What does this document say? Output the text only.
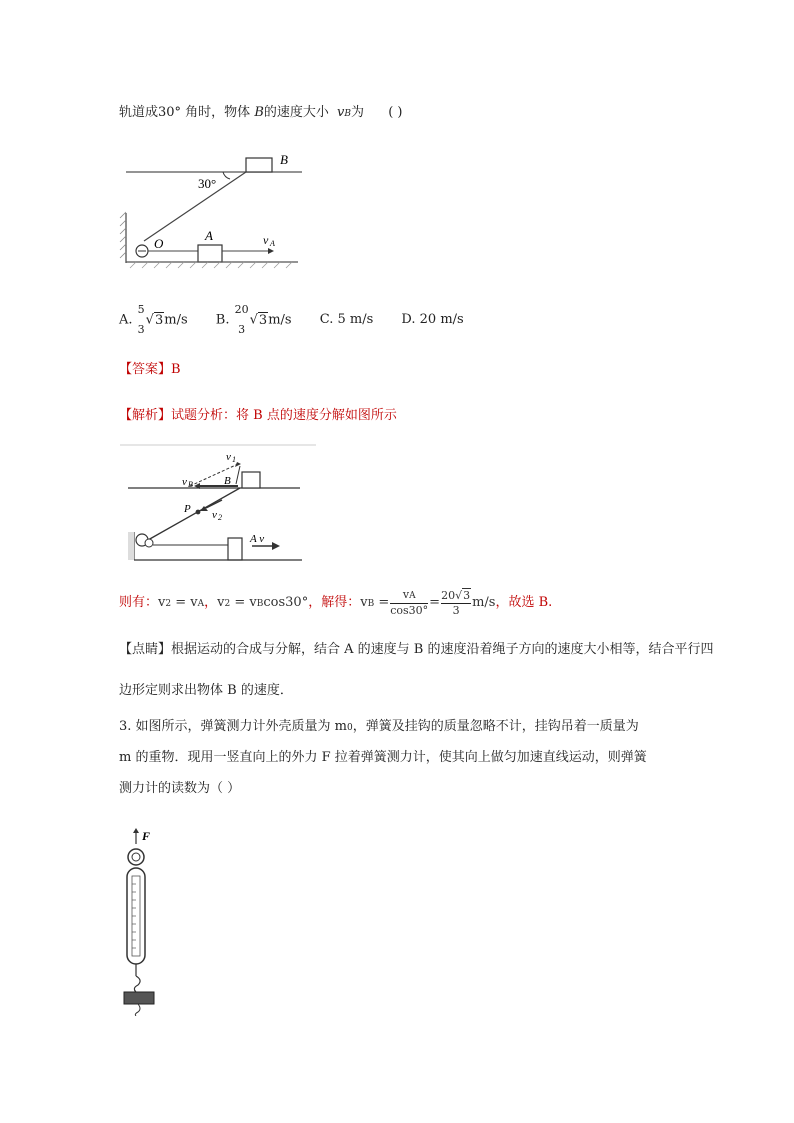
轨道成30° 角时，物体 B的速度大小 vB为 ( )
B
30°
O
A	v A
A.
5
3
√3m/s B.
20
3
√3m/s C. 5 m/s D. 20 m/s
【答案】B
【解析】试题分析：将 B 点的速度分解如图所示
v 1
v B	B
P v 2
A v
则有： v2 = vA ， v2 = vBcos30° ，解得： vB = $\frac{vA}{\cos 30^\circ} = \frac{20√3}{3} m/s$ ，故选 B.
【点睛】根据运动的合成与分解，结合 A 的速度与 B 的速度沿着绳子方向的速度大小相等，结合平行四
边形定则求出物体 B 的速度．
3. 如图所示，弹簧测力计外壳质量为 m0，弹簧及挂钩的质量忽略不计，挂钩吊着一质量为
m 的重物．现用一竖直向上的外力 F 拉着弹簧测力计，使其向上做匀加速直线运动，则弹簧
测力计的读数为（ ）
F
